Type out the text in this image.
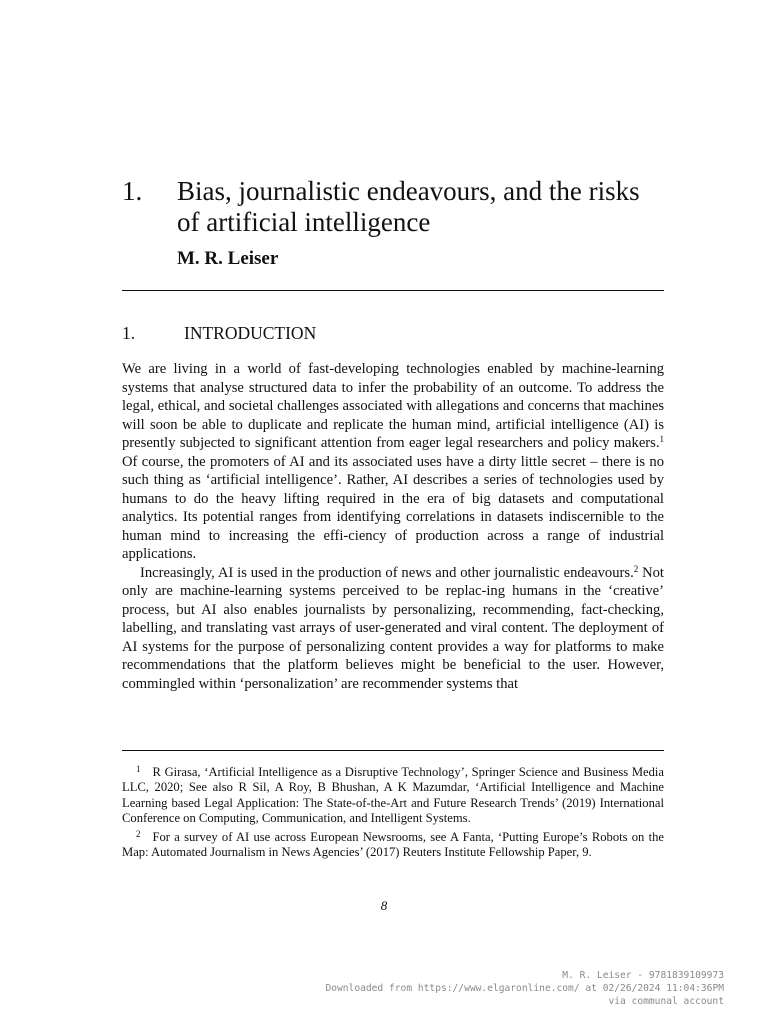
1.	Bias, journalistic endeavours, and the risks of artificial intelligence
M. R. Leiser
1.	INTRODUCTION

We are living in a world of fast-developing technologies enabled by machine-learning systems that analyse structured data to infer the probability of an outcome. To address the legal, ethical, and societal challenges associated with allegations and concerns that machines will soon be able to duplicate and replicate the human mind, artificial intelligence (AI) is presently subjected to significant attention from eager legal researchers and policy makers.$^1$ Of course, the promoters of AI and its associated uses have a dirty little secret – there is no such thing as ‘artificial intelligence’. Rather, AI describes a series of technologies used by humans to do the heavy lifting required in the era of big datasets and computational analytics. Its potential ranges from identifying correlations in datasets indiscernible to the human mind to increasing the effi-ciency of production across a range of industrial applications.

Increasingly, AI is used in the production of news and other journalistic endeavours.$^2$ Not only are machine-learning systems perceived to be replac-ing humans in the ‘creative’ process, but AI also enables journalists by personalizing, recommending, fact-checking, labelling, and translating vast arrays of user-generated and viral content. The deployment of AI systems for the purpose of personalizing content provides a way for platforms to make recommendations that the platform believes might be beneficial to the user. However, commingled within ‘personalization’ are recommender systems that

$^1$ R Girasa, ‘Artificial Intelligence as a Disruptive Technology’, Springer Science and Business Media LLC, 2020; See also R Sil, A Roy, B Bhushan, A K Mazumdar, ‘Artificial Intelligence and Machine Learning based Legal Application: The State-of-the-Art and Future Research Trends’ (2019) International Conference on Computing, Communication, and Intelligent Systems.

$^2$ For a survey of AI use across European Newsrooms, see A Fanta, ‘Putting Europe’s Robots on the Map: Automated Journalism in News Agencies’ (2017) Reuters Institute Fellowship Paper, 9.

8
M. R. Leiser - 9781839109973
Downloaded from https://www.elgaronline.com/ at 02/26/2024 11:04:36PM
via communal account
